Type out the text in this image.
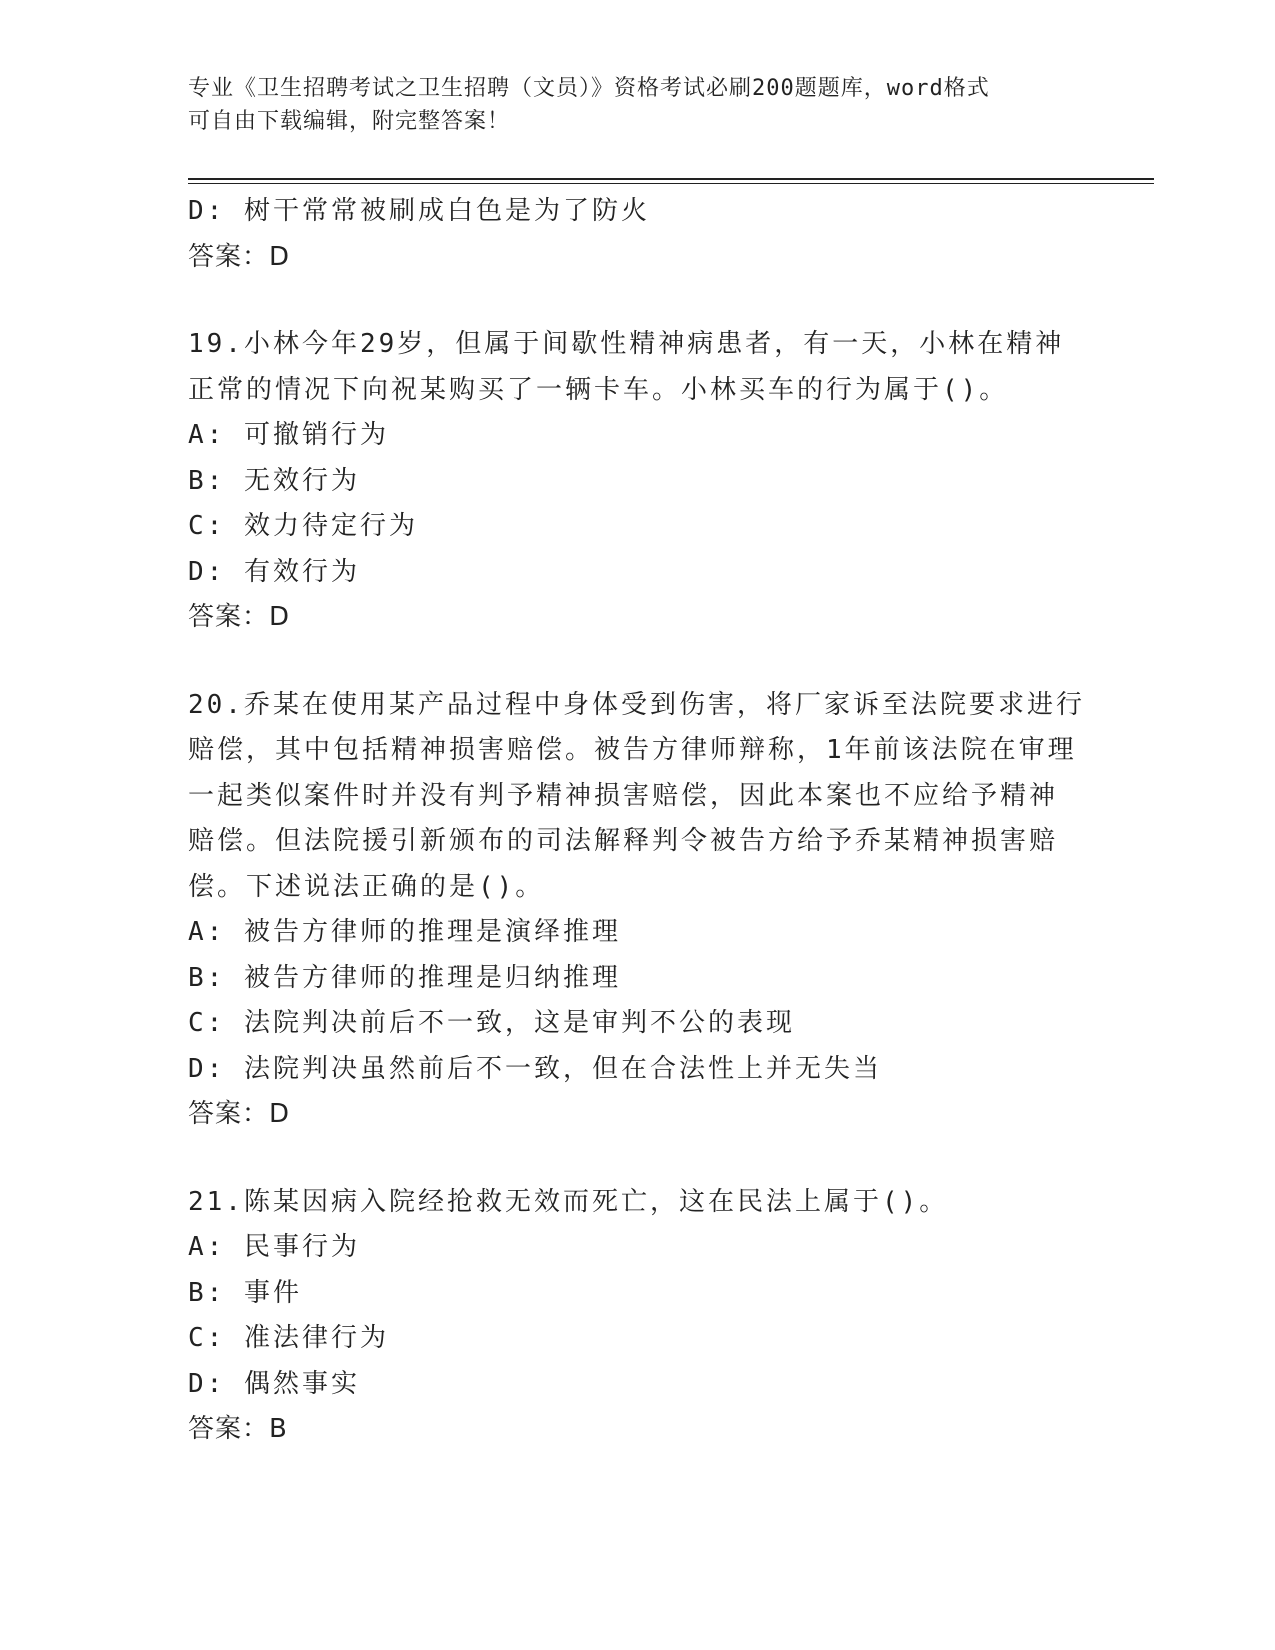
专业《卫生招聘考试之卫生招聘（文员）》资格考试必刷200题题库，word格式
可自由下载编辑，附完整答案！
D: 树干常常被刷成白色是为了防火
答案：D
19.小林今年29岁，但属于间歇性精神病患者，有一天，小林在精神
正常的情况下向祝某购买了一辆卡车。小林买车的行为属于()。
A: 可撤销行为
B: 无效行为
C: 效力待定行为
D: 有效行为
答案：D
20.乔某在使用某产品过程中身体受到伤害，将厂家诉至法院要求进行
赔偿，其中包括精神损害赔偿。被告方律师辩称，1年前该法院在审理
一起类似案件时并没有判予精神损害赔偿，因此本案也不应给予精神
赔偿。但法院援引新颁布的司法解释判令被告方给予乔某精神损害赔
偿。下述说法正确的是()。
A: 被告方律师的推理是演绎推理
B: 被告方律师的推理是归纳推理
C: 法院判决前后不一致，这是审判不公的表现
D: 法院判决虽然前后不一致，但在合法性上并无失当
答案：D
21.陈某因病入院经抢救无效而死亡，这在民法上属于()。
A: 民事行为
B: 事件
C: 准法律行为
D: 偶然事实
答案：B
